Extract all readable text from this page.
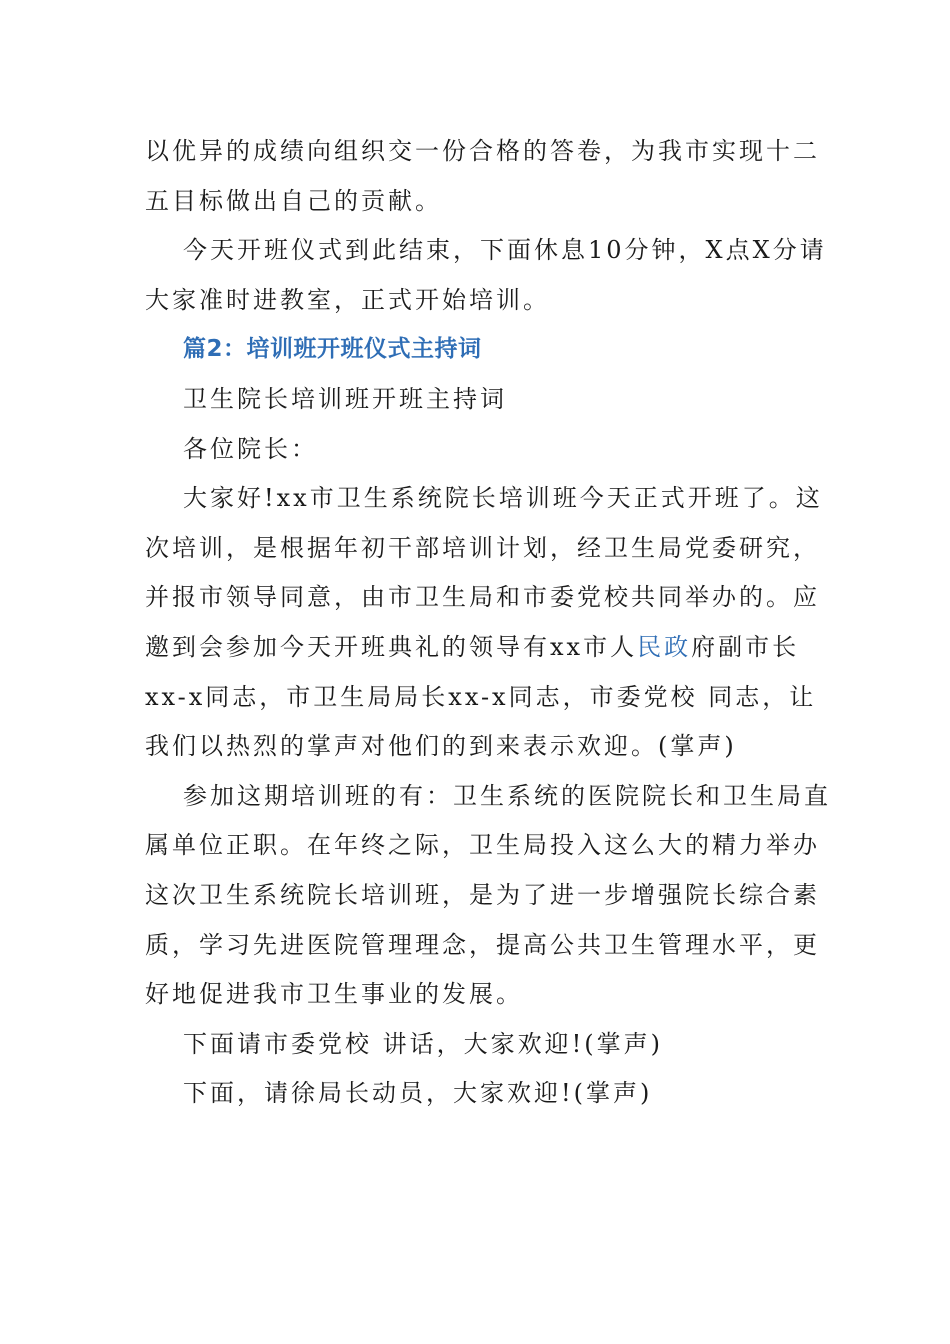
以优异的成绩向组织交一份合格的答卷，为我市实现十二
五目标做出自己的贡献。
今天开班仪式到此结束，下面休息10分钟，X点X分请
大家准时进教室，正式开始培训。
篇2：培训班开班仪式主持词
卫生院长培训班开班主持词
各位院长：
大家好!xx市卫生系统院长培训班今天正式开班了。这
次培训，是根据年初干部培训计划，经卫生局党委研究，
并报市领导同意，由市卫生局和市委党校共同举办的。应
邀到会参加今天开班典礼的领导有xx市人民政府副市长
xx-x同志，市卫生局局长xx-x同志，市委党校 同志，让
我们以热烈的掌声对他们的到来表示欢迎。(掌声)
参加这期培训班的有：卫生系统的医院院长和卫生局直
属单位正职。在年终之际，卫生局投入这么大的精力举办
这次卫生系统院长培训班，是为了进一步增强院长综合素
质，学习先进医院管理理念，提高公共卫生管理水平，更
好地促进我市卫生事业的发展。
下面请市委党校 讲话，大家欢迎!(掌声)
下面，请徐局长动员，大家欢迎!(掌声)
